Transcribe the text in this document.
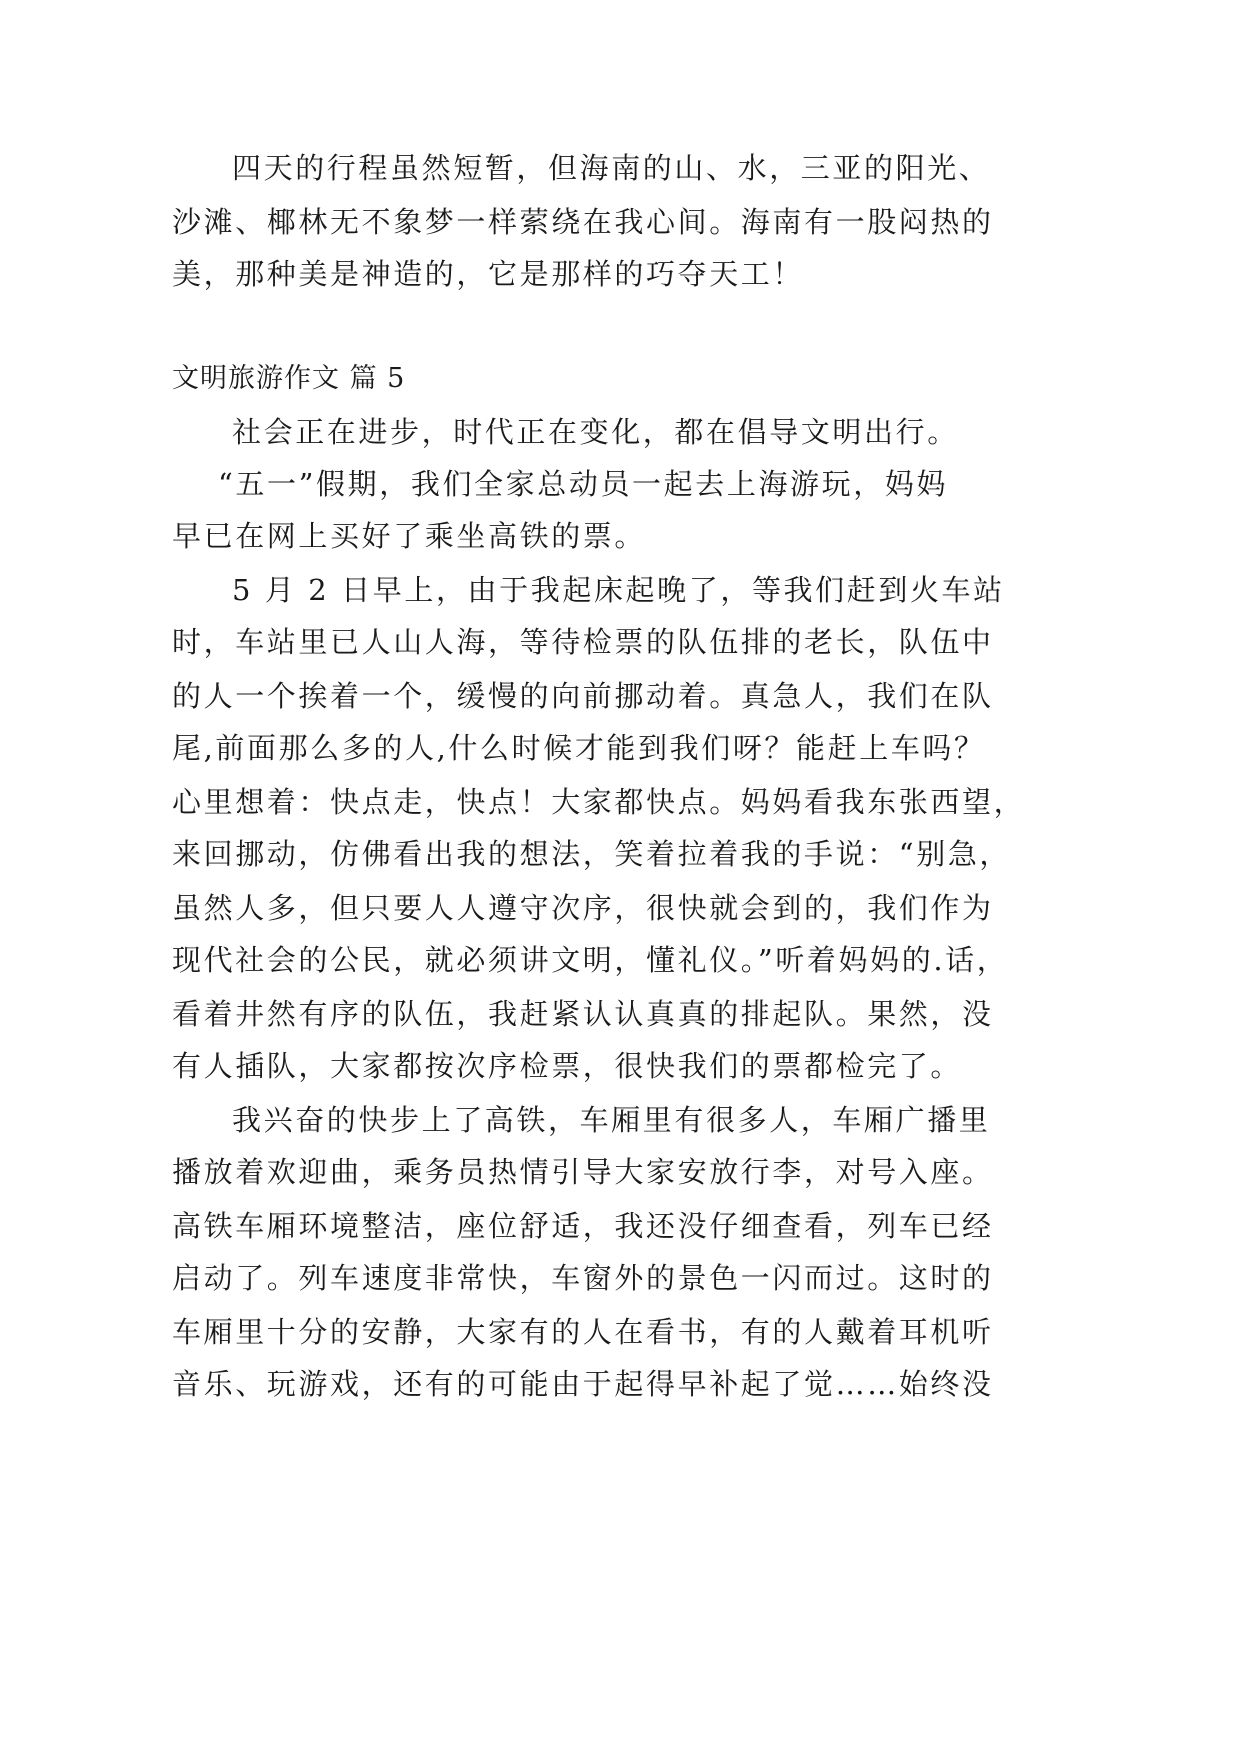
四天的行程虽然短暂，但海南的山、水，三亚的阳光、
沙滩、椰林无不象梦一样萦绕在我心间。海南有一股闷热的
美，那种美是神造的，它是那样的巧夺天工！
文明旅游作文 篇 5
社会正在进步，时代正在变化，都在倡导文明出行。
“五一”假期，我们全家总动员一起去上海游玩，妈妈
早已在网上买好了乘坐高铁的票。
5 月 2 日早上，由于我起床起晚了，等我们赶到火车站
时，车站里已人山人海，等待检票的队伍排的老长，队伍中
的人一个挨着一个，缓慢的向前挪动着。真急人，我们在队
尾,前面那么多的人,什么时候才能到我们呀？能赶上车吗？
心里想着：快点走，快点！大家都快点。妈妈看我东张西望，
来回挪动，仿佛看出我的想法，笑着拉着我的手说：“别急，
虽然人多，但只要人人遵守次序，很快就会到的，我们作为
现代社会的公民，就必须讲文明，懂礼仪。”听着妈妈的.话，
看着井然有序的队伍，我赶紧认认真真的排起队。果然，没
有人插队，大家都按次序检票，很快我们的票都检完了。
我兴奋的快步上了高铁，车厢里有很多人，车厢广播里
播放着欢迎曲，乘务员热情引导大家安放行李，对号入座。
高铁车厢环境整洁，座位舒适，我还没仔细查看，列车已经
启动了。列车速度非常快，车窗外的景色一闪而过。这时的
车厢里十分的安静，大家有的人在看书，有的人戴着耳机听
音乐、玩游戏，还有的可能由于起得早补起了觉……始终没
